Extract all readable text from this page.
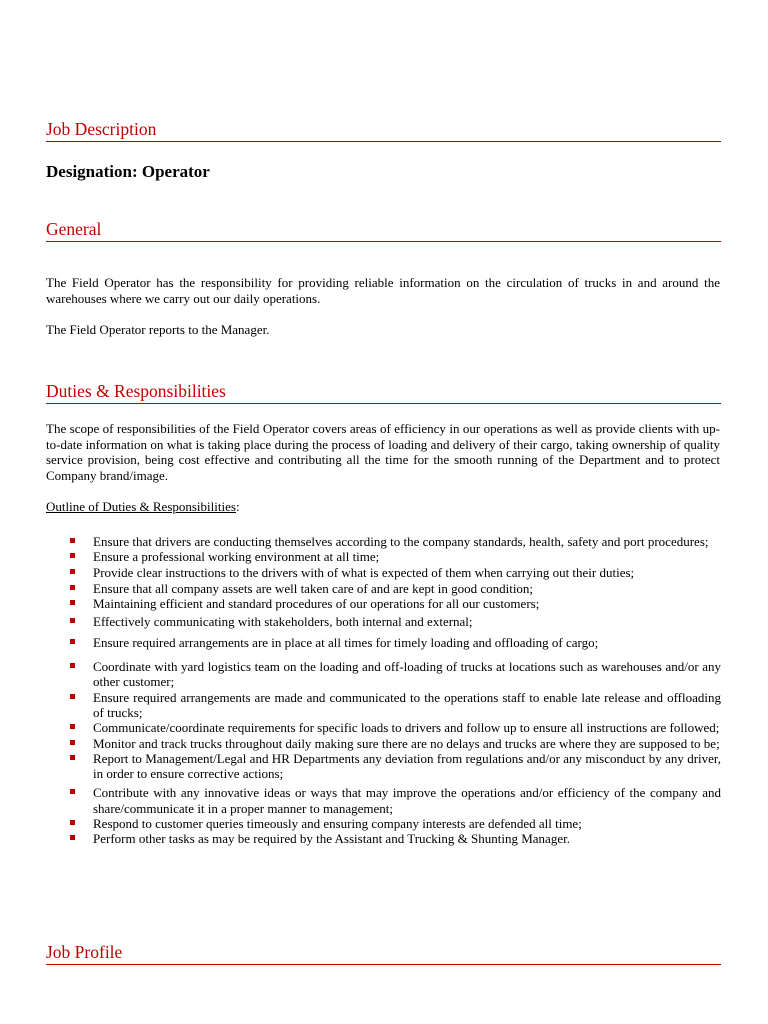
Job Description

Designation: Operator

General

The Field Operator has the responsibility for providing reliable information on the circulation of trucks in and around the warehouses where we carry out our daily operations.

The Field Operator reports to the Manager.

Duties & Responsibilities

The scope of responsibilities of the Field Operator covers areas of efficiency in our operations as well as provide clients with up-to-date information on what is taking place during the process of loading and delivery of their cargo, taking ownership of quality service provision, being cost effective and contributing all the time for the smooth running of the Department and to protect Company brand/image.

Outline of Duties & Responsibilities:

Ensure that drivers are conducting themselves according to the company standards, health, safety and port procedures;
Ensure a professional working environment at all time;
Provide clear instructions to the drivers with of what is expected of them when carrying out their duties;
Ensure that all company assets are well taken care of and are kept in good condition;
Maintaining efficient and standard procedures of our operations for all our customers;
Effectively communicating with stakeholders, both internal and external;
Ensure required arrangements are in place at all times for timely loading and offloading of cargo;
Coordinate with yard logistics team on the loading and off-loading of trucks at locations such as warehouses and/or any other customer;
Ensure required arrangements are made and communicated to the operations staff to enable late release and offloading of trucks;
Communicate/coordinate requirements for specific loads to drivers and follow up to ensure all instructions are followed;
Monitor and track trucks throughout daily making sure there are no delays and trucks are where they are supposed to be;
Report to Management/Legal and HR Departments any deviation from regulations and/or any misconduct by any driver, in order to ensure corrective actions;
Contribute with any innovative ideas or ways that may improve the operations and/or efficiency of the company and share/communicate it in a proper manner to management;
Respond to customer queries timeously and ensuring company interests are defended all time;
Perform other tasks as may be required by the Assistant and Trucking & Shunting Manager.
Job Profile
